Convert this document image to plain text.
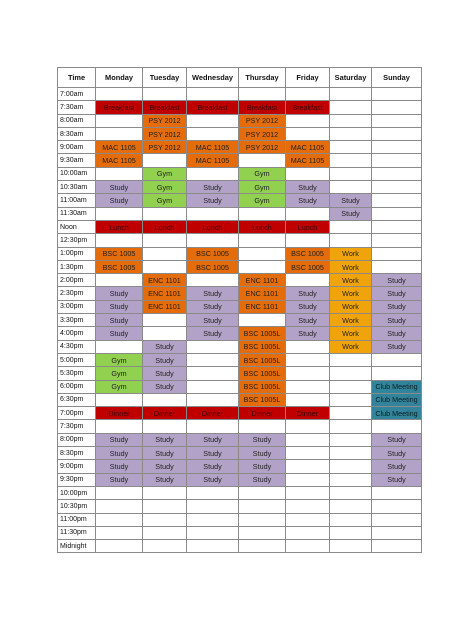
Time	Monday	Tuesday	Wednesday	Thursday	Friday	Saturday	Sunday
7:00am							
7:30am	Breakfast	Breakfast	Breakfast	Breakfast	Breakfast		
8:00am		PSY 2012		PSY 2012			
8:30am		PSY 2012		PSY 2012			
9:00am	MAC 1105	PSY 2012	MAC 1105	PSY 2012	MAC 1105		
9:30am	MAC 1105		MAC 1105		MAC 1105		
10:00am		Gym		Gym			
10:30am	Study	Gym	Study	Gym	Study		
11:00am	Study	Gym	Study	Gym	Study	Study	
11:30am						Study	
Noon	Lunch	Lunch	Lunch	Lunch	Lunch		
12:30pm							
1:00pm	BSC 1005		BSC 1005		BSC 1005	Work	
1:30pm	BSC 1005		BSC 1005		BSC 1005	Work	
2:00pm		ENC 1101		ENC 1101		Work	Study
2:30pm	Study	ENC 1101	Study	ENC 1101	Study	Work	Study
3:00pm	Study	ENC 1101	Study	ENC 1101	Study	Work	Study
3:30pm	Study		Study		Study	Work	Study
4:00pm	Study		Study	BSC 1005L	Study	Work	Study
4:30pm		Study		BSC 1005L		Work	Study
5:00pm	Gym	Study		BSC 1005L			
5:30pm	Gym	Study		BSC 1005L			
6:00pm	Gym	Study		BSC 1005L			Club Meeting
6:30pm				BSC 1005L			Club Meeting
7:00pm	Dinner	Dinner	Dinner	Dinner	Dinner		Club Meeting
7:30pm							
8:00pm	Study	Study	Study	Study			Study
8:30pm	Study	Study	Study	Study			Study
9:00pm	Study	Study	Study	Study			Study
9:30pm	Study	Study	Study	Study			Study
10:00pm							
10:30pm							
11:00pm							
11:30pm							
Midnight							
